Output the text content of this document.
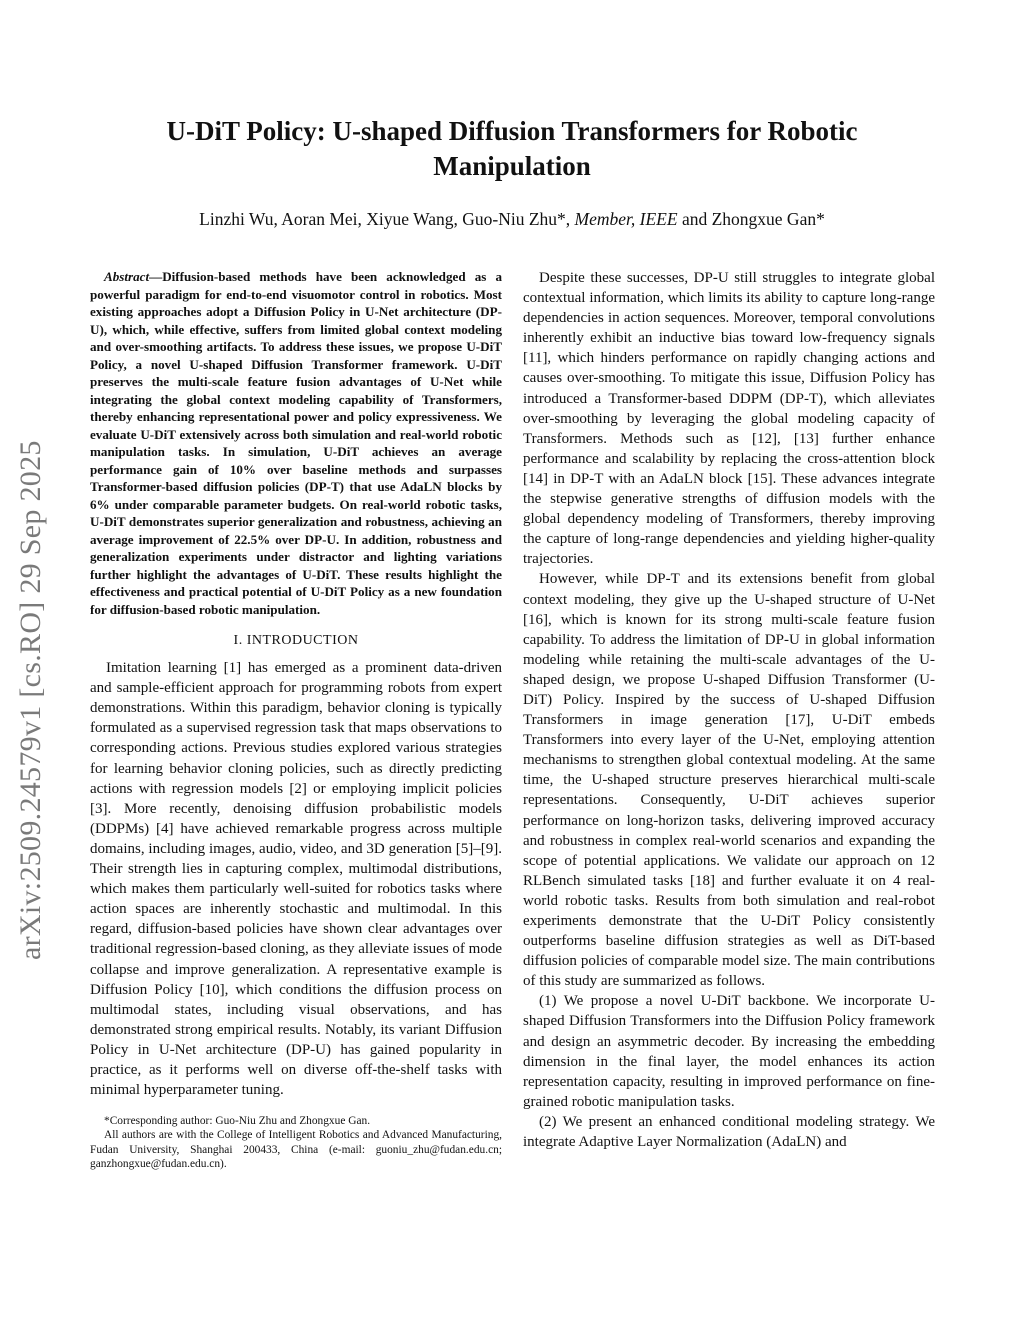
arXiv:2509.24579v1 [cs.RO] 29 Sep 2025
U-DiT Policy: U-shaped Diffusion Transformers for Robotic
Manipulation
Linzhi Wu, Aoran Mei, Xiyue Wang, Guo-Niu Zhu*, Member, IEEE and Zhongxue Gan*

Abstract—Diffusion-based methods have been acknowledged as a powerful paradigm for end-to-end visuomotor control in robotics. Most existing approaches adopt a Diffusion Policy in U-Net architecture (DP-U), which, while effective, suffers from limited global context modeling and over-smoothing artifacts. To address these issues, we propose U-DiT Policy, a novel U-shaped Diffusion Transformer framework. U-DiT preserves the multi-scale feature fusion advantages of U-Net while integrating the global context modeling capability of Transformers, thereby enhancing representational power and policy expressiveness. We evaluate U-DiT extensively across both simulation and real-world robotic manipulation tasks. In simulation, U-DiT achieves an average performance gain of 10% over baseline methods and surpasses Transformer-based diffusion policies (DP-T) that use AdaLN blocks by 6% under comparable parameter budgets. On real-world robotic tasks, U-DiT demonstrates superior generalization and robustness, achieving an average improvement of 22.5% over DP-U. In addition, robustness and generalization experiments under distractor and lighting variations further highlight the advantages of U-DiT. These results highlight the effectiveness and practical potential of U-DiT Policy as a new foundation for diffusion-based robotic manipulation.

I. INTRODUCTION

Imitation learning [1] has emerged as a prominent data-driven and sample-efficient approach for programming robots from expert demonstrations. Within this paradigm, behavior cloning is typically formulated as a supervised regression task that maps observations to corresponding actions. Previous studies explored various strategies for learning behavior cloning policies, such as directly predicting actions with regression models [2] or employing implicit policies [3]. More recently, denoising diffusion probabilistic models (DDPMs) [4] have achieved remarkable progress across multiple domains, including images, audio, video, and 3D generation [5]–[9]. Their strength lies in capturing complex, multimodal distributions, which makes them particularly well-suited for robotics tasks where action spaces are inherently stochastic and multimodal. In this regard, diffusion-based policies have shown clear advantages over traditional regression-based cloning, as they alleviate issues of mode collapse and improve generalization. A representative example is Diffusion Policy [10], which conditions the diffusion process on multimodal states, including visual observations, and has demonstrated strong empirical results. Notably, its variant Diffusion Policy in U-Net architecture (DP-U) has gained popularity in practice, as it performs well on diverse off-the-shelf tasks with minimal hyperparameter tuning.

*Corresponding author: Guo-Niu Zhu and Zhongxue Gan.

All authors are with the College of Intelligent Robotics and Advanced Manufacturing, Fudan University, Shanghai 200433, China (e-mail: guoniu_zhu@fudan.edu.cn; ganzhongxue@fudan.edu.cn).

Despite these successes, DP-U still struggles to integrate global contextual information, which limits its ability to capture long-range dependencies in action sequences. Moreover, temporal convolutions inherently exhibit an inductive bias toward low-frequency signals [11], which hinders performance on rapidly changing actions and causes over-smoothing. To mitigate this issue, Diffusion Policy has introduced a Transformer-based DDPM (DP-T), which alleviates over-smoothing by leveraging the global modeling capacity of Transformers. Methods such as [12], [13] further enhance performance and scalability by replacing the cross-attention block [14] in DP-T with an AdaLN block [15]. These advances integrate the stepwise generative strengths of diffusion models with the global dependency modeling of Transformers, thereby improving the capture of long-range dependencies and yielding higher-quality trajectories.

However, while DP-T and its extensions benefit from global context modeling, they give up the U-shaped structure of U-Net [16], which is known for its strong multi-scale feature fusion capability. To address the limitation of DP-U in global information modeling while retaining the multi-scale advantages of the U-shaped design, we propose U-shaped Diffusion Transformer (U-DiT) Policy. Inspired by the success of U-shaped Diffusion Transformers in image generation [17], U-DiT embeds Transformers into every layer of the U-Net, employing attention mechanisms to strengthen global contextual modeling. At the same time, the U-shaped structure preserves hierarchical multi-scale representations. Consequently, U-DiT achieves superior performance on long-horizon tasks, delivering improved accuracy and robustness in complex real-world scenarios and expanding the scope of potential applications. We validate our approach on 12 RLBench simulated tasks [18] and further evaluate it on 4 real-world robotic tasks. Results from both simulation and real-robot experiments demonstrate that the U-DiT Policy consistently outperforms baseline diffusion strategies as well as DiT-based diffusion policies of comparable model size. The main contributions of this study are summarized as follows.

(1) We propose a novel U-DiT backbone. We incorporate U-shaped Diffusion Transformers into the Diffusion Policy framework and design an asymmetric decoder. By increasing the embedding dimension in the final layer, the model enhances its action representation capacity, resulting in improved performance on fine-grained robotic manipulation tasks.

(2) We present an enhanced conditional modeling strategy. We integrate Adaptive Layer Normalization (AdaLN) and
